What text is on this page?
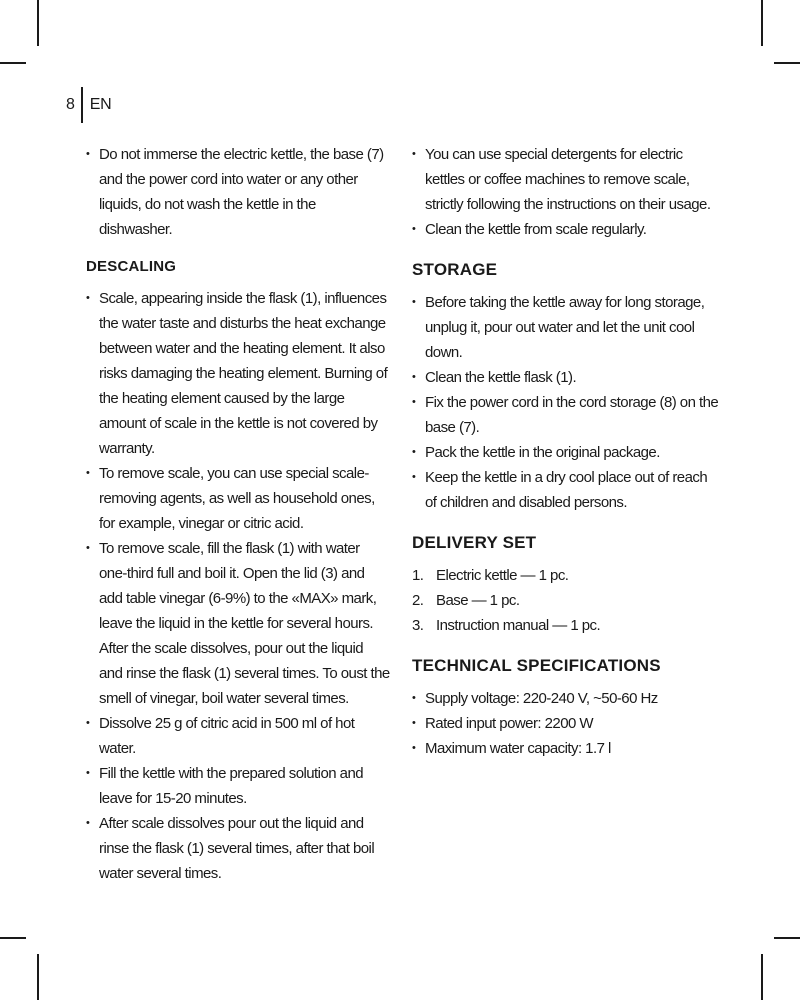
8 EN
• Do not immerse the electric kettle, the base (7) and the power cord into water or any other liquids, do not wash the kettle in the dishwasher.
DESCALING
• Scale, appearing inside the flask (1), influences the water taste and disturbs the heat exchange between water and the heating element. It also risks damaging the heating element. Burning of the heating element caused by the large amount of scale in the kettle is not covered by warranty.
• To remove scale, you can use special scale-removing agents, as well as household ones, for example, vinegar or citric acid.
• To remove scale, fill the flask (1) with water one-third full and boil it. Open the lid (3) and add table vinegar (6-9%) to the «MAX» mark, leave the liquid in the kettle for several hours. After the scale dissolves, pour out the liquid and rinse the flask (1) several times. To oust the smell of vinegar, boil water several times.
• Dissolve 25 g of citric acid in 500 ml of hot water.
• Fill the kettle with the prepared solution and leave for 15-20 minutes.
• After scale dissolves pour out the liquid and rinse the flask (1) several times, after that boil water several times.
• You can use special detergents for electric kettles or coffee machines to remove scale, strictly following the instructions on their usage.
• Clean the kettle from scale regularly.
STORAGE
• Before taking the kettle away for long storage, unplug it, pour out water and let the unit cool down.
• Clean the kettle flask (1).
• Fix the power cord in the cord storage (8) on the base (7).
• Pack the kettle in the original package.
• Keep the kettle in a dry cool place out of reach of children and disabled persons.
DELIVERY SET
1. Electric kettle — 1 pc.
2. Base — 1 pc.
3. Instruction manual — 1 pc.
TECHNICAL SPECIFICATIONS
• Supply voltage: 220-240 V, ~50-60 Hz
• Rated input power: 2200 W
• Maximum water capacity: 1.7 l
